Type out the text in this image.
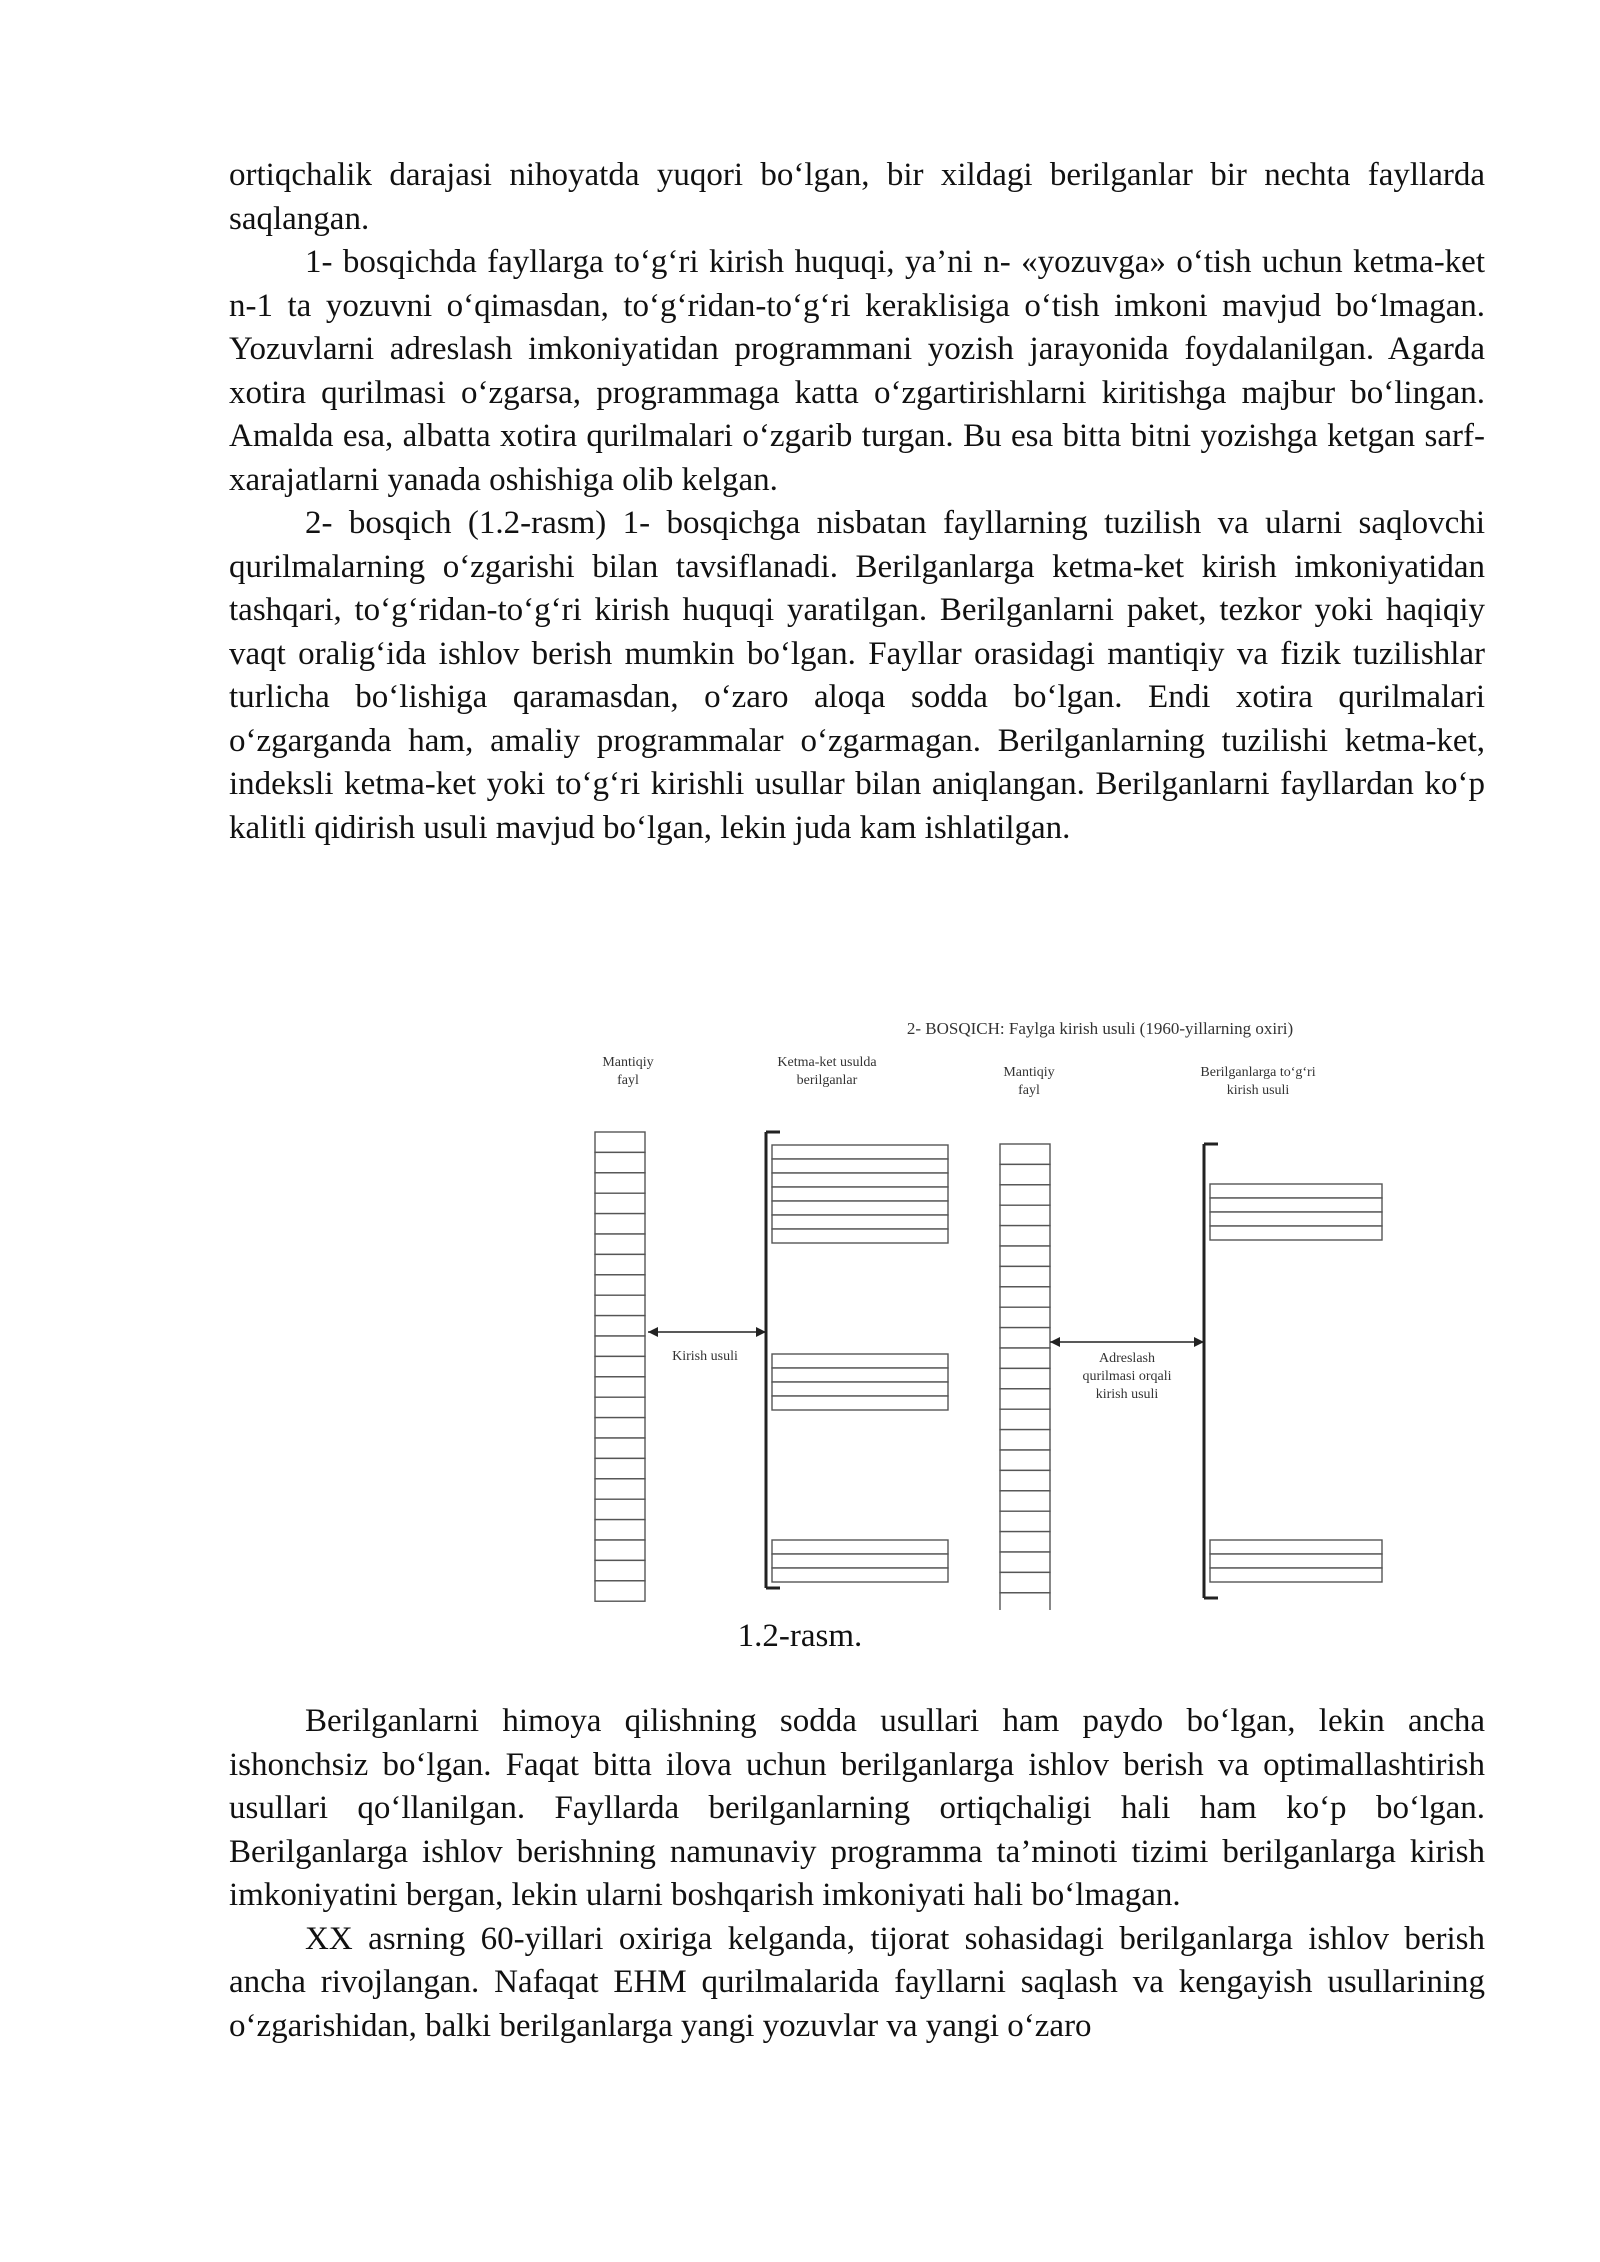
ortiqchalik darajasi nihoyatda yuqori bo‘lgan, bir xildagi berilganlar bir nechta fayllarda saqlangan.

1- bosqichda fayllarga to‘g‘ri kirish huquqi, ya’ni n- «yozuvga» o‘tish uchun ketma-ket n-1 ta yozuvni o‘qimasdan, to‘g‘ridan-to‘g‘ri keraklisiga o‘tish imkoni mavjud bo‘lmagan. Yozuvlarni adreslash imkoniyatidan programmani yozish jarayonida foydalanilgan. Agarda xotira qurilmasi o‘zgarsa, programmaga katta o‘zgartirishlarni kiritishga majbur bo‘lingan. Amalda esa, albatta xotira qurilmalari o‘zgarib turgan. Bu esa bitta bitni yozishga ketgan sarf-xarajatlarni yanada oshishiga olib kelgan.

2- bosqich (1.2-rasm) 1- bosqichga nisbatan fayllarning tuzilish va ularni saqlovchi qurilmalarning o‘zgarishi bilan tavsiflanadi. Berilganlarga ketma-ket kirish imkoniyatidan tashqari, to‘g‘ridan-to‘g‘ri kirish huquqi yaratilgan. Berilganlarni paket, tezkor yoki haqiqiy vaqt oralig‘ida ishlov berish mumkin bo‘lgan. Fayllar orasidagi mantiqiy va fizik tuzilishlar turlicha bo‘lishiga qaramasdan, o‘zaro aloqa sodda bo‘lgan. Endi xotira qurilmalari o‘zgarganda ham, amaliy programmalar o‘zgarmagan. Berilganlarning tuzilishi ketma-ket, indeksli ketma-ket yoki to‘g‘ri kirishli usullar bilan aniqlangan. Berilganlarni fayllardan ko‘p kalitli qidirish usuli mavjud bo‘lgan, lekin juda kam ishlatilgan.

2- BOSQICH: Faylga kirish usuli (1960-yillarning oxiri)
Mantiqiy
fayl
Ketma-ket usulda
berilganlar
Mantiqiy
fayl
Berilganlarga to‘g‘ri
kirish usuli
Kirish usuli	Adreslash
qurilmasi orqali
kirish usuli
1.2-rasm.

Berilganlarni himoya qilishning sodda usullari ham paydo bo‘lgan, lekin ancha ishonchsiz bo‘lgan. Faqat bitta ilova uchun berilganlarga ishlov berish va optimallashtirish usullari qo‘llanilgan. Fayllarda berilganlarning ortiqchaligi hali ham ko‘p bo‘lgan. Berilganlarga ishlov berishning namunaviy programma ta’minoti tizimi berilganlarga kirish imkoniyatini bergan, lekin ularni boshqarish imkoniyati hali bo‘lmagan.

XX asrning 60-yillari oxiriga kelganda, tijorat sohasidagi berilganlarga ishlov berish ancha rivojlangan. Nafaqat EHM qurilmalarida fayllarni saqlash va kengayish usullarining o‘zgarishidan, balki berilganlarga yangi yozuvlar va yangi o‘zaro
